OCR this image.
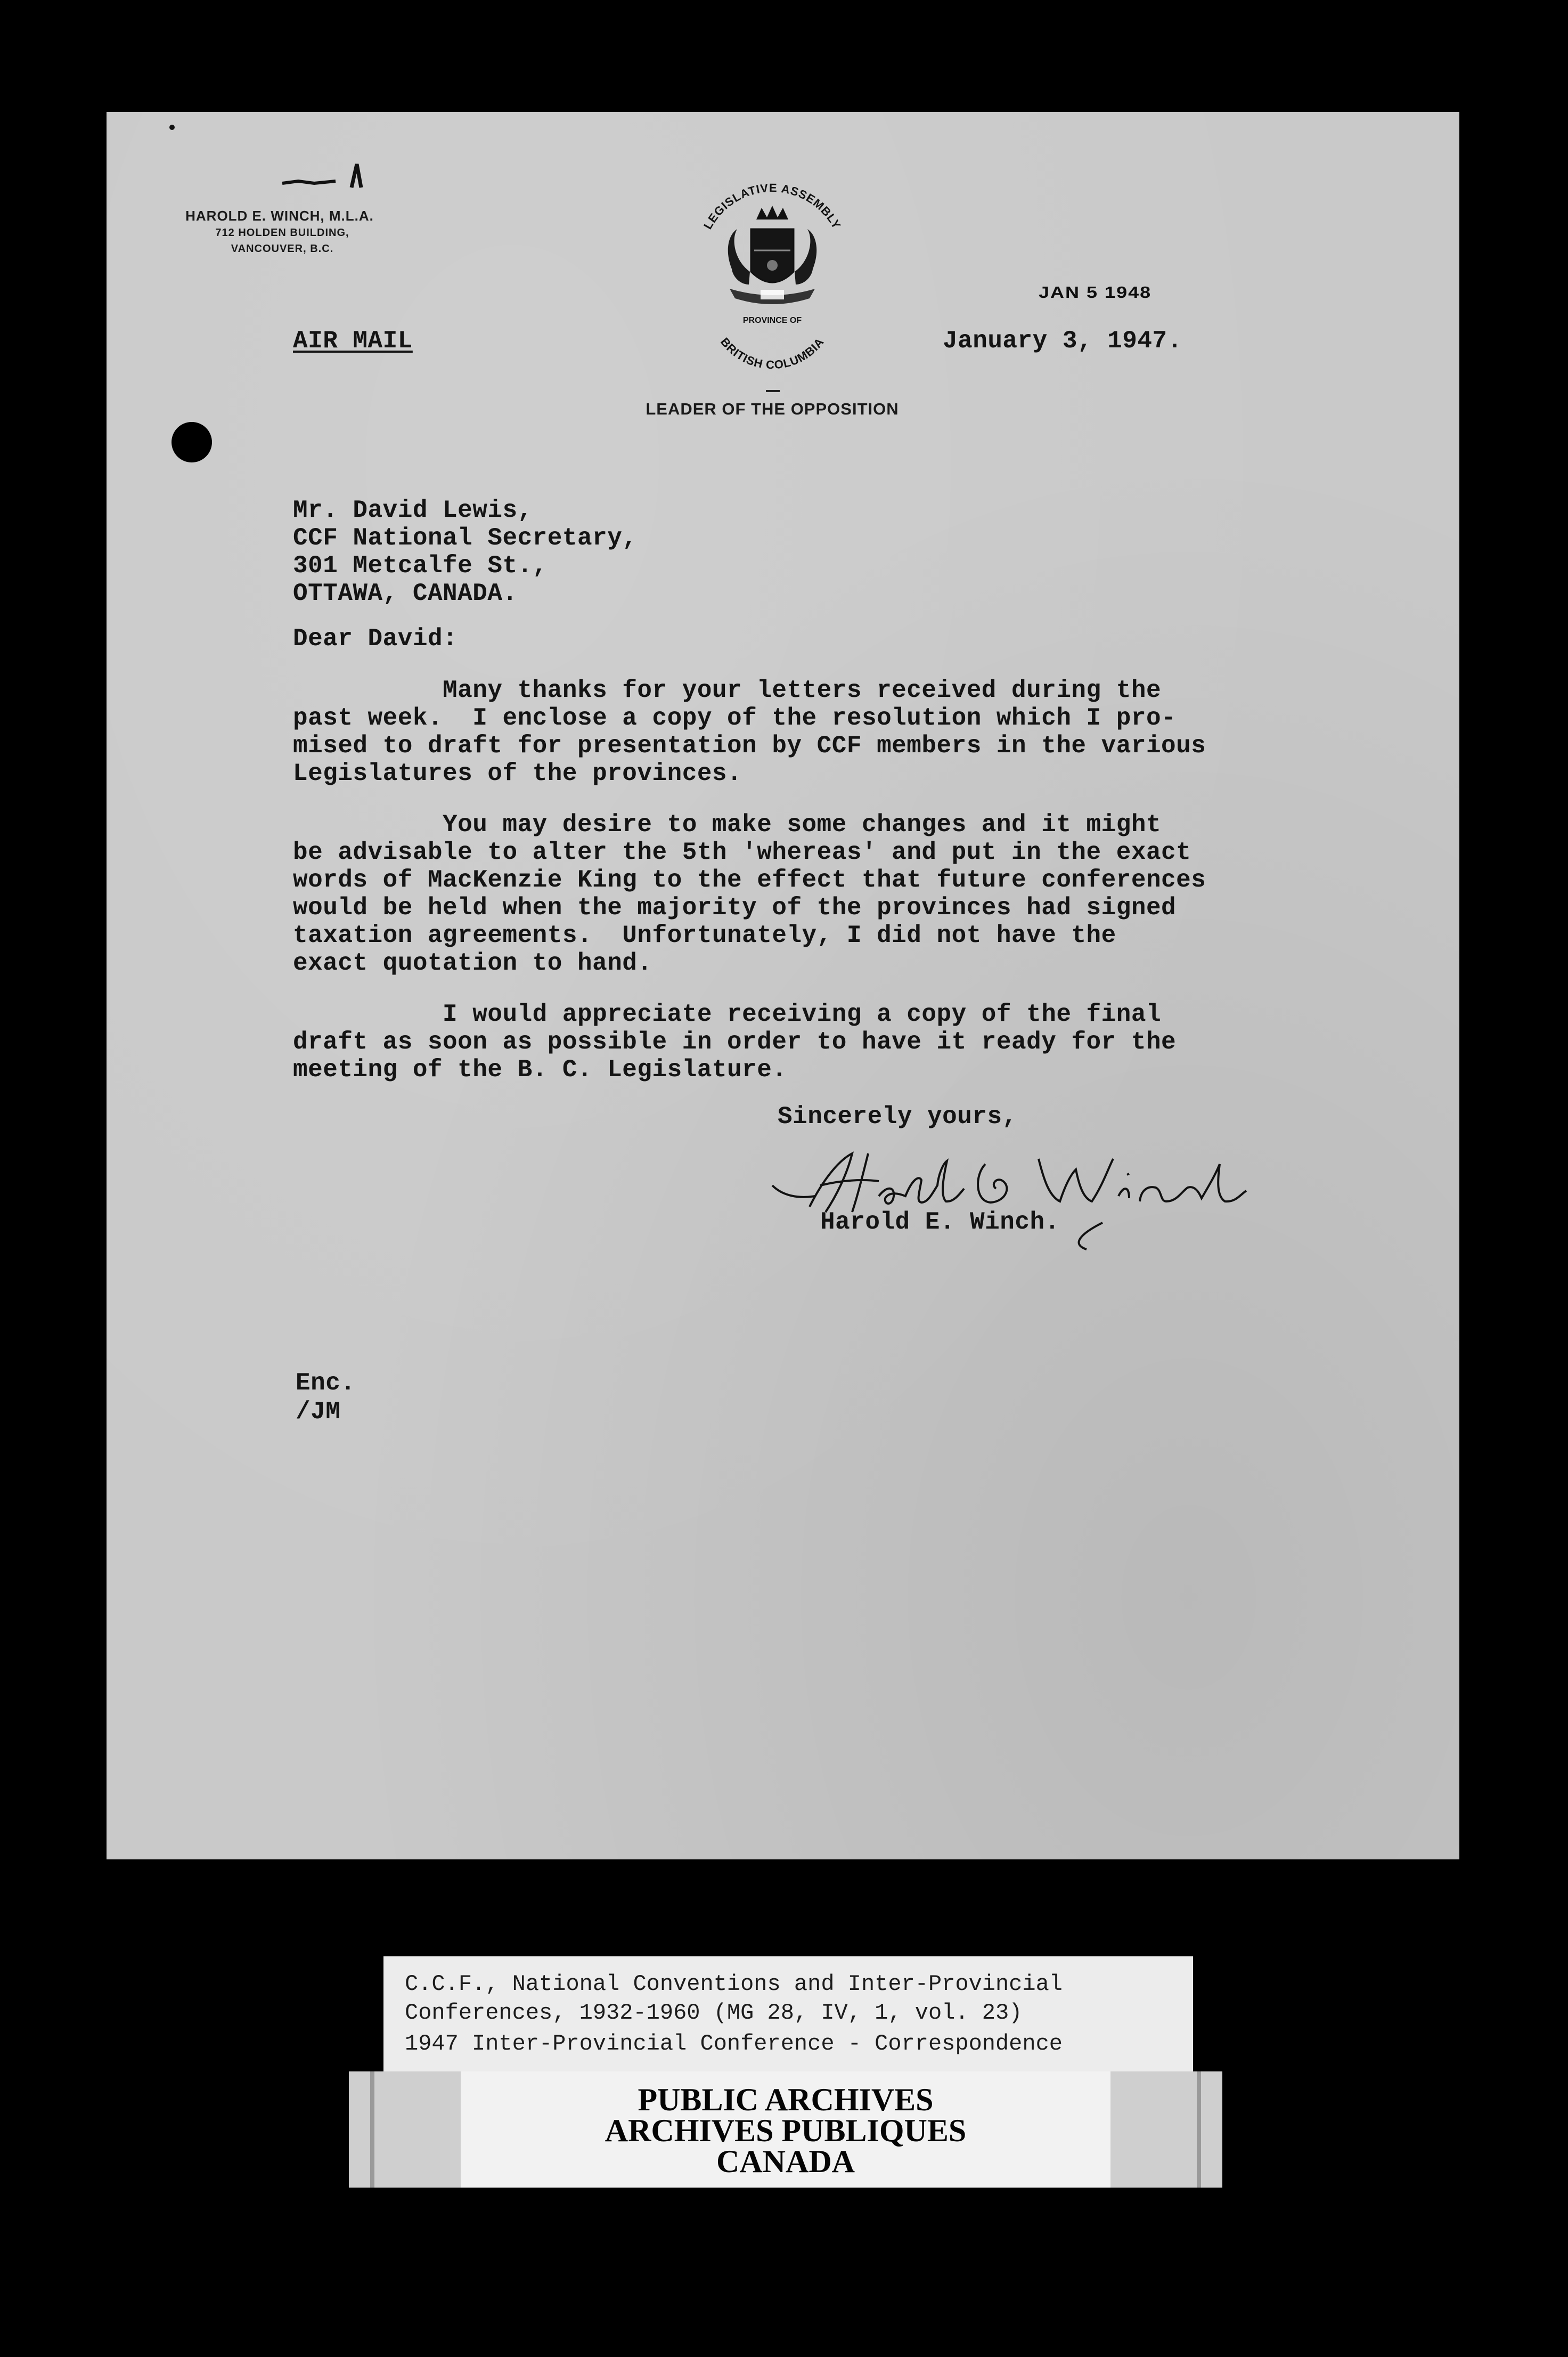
HAROLD E. WINCH, M.L.A.
712 HOLDEN BUILDING,
VANCOUVER, B.C.
LEGISLATIVE ASSEMBLY
PROVINCE OF
BRITISH COLUMBIA
LEADER OF THE OPPOSITION
JAN 5 1948
AIR MAIL	January 3, 1947.
Mr. David Lewis,
CCF National Secretary,
301 Metcalfe St.,
OTTAWA, CANADA.
Dear David:
Many thanks for your letters received during the
past week.  I enclose a copy of the resolution which I pro-
mised to draft for presentation by CCF members in the various
Legislatures of the provinces.
You may desire to make some changes and it might
be advisable to alter the 5th 'whereas' and put in the exact
words of MacKenzie King to the effect that future conferences
would be held when the majority of the provinces had signed
taxation agreements.  Unfortunately, I did not have the
exact quotation to hand.
I would appreciate receiving a copy of the final
draft as soon as possible in order to have it ready for the
meeting of the B. C. Legislature.
Sincerely yours,
Harold E. Winch.
Enc.
/JM
C.C.F., National Conventions and Inter-Provincial
Conferences, 1932-1960 (MG 28, IV, 1, vol. 23)
1947 Inter-Provincial Conference - Correspondence
PUBLIC ARCHIVES
ARCHIVES PUBLIQUES
CANADA
